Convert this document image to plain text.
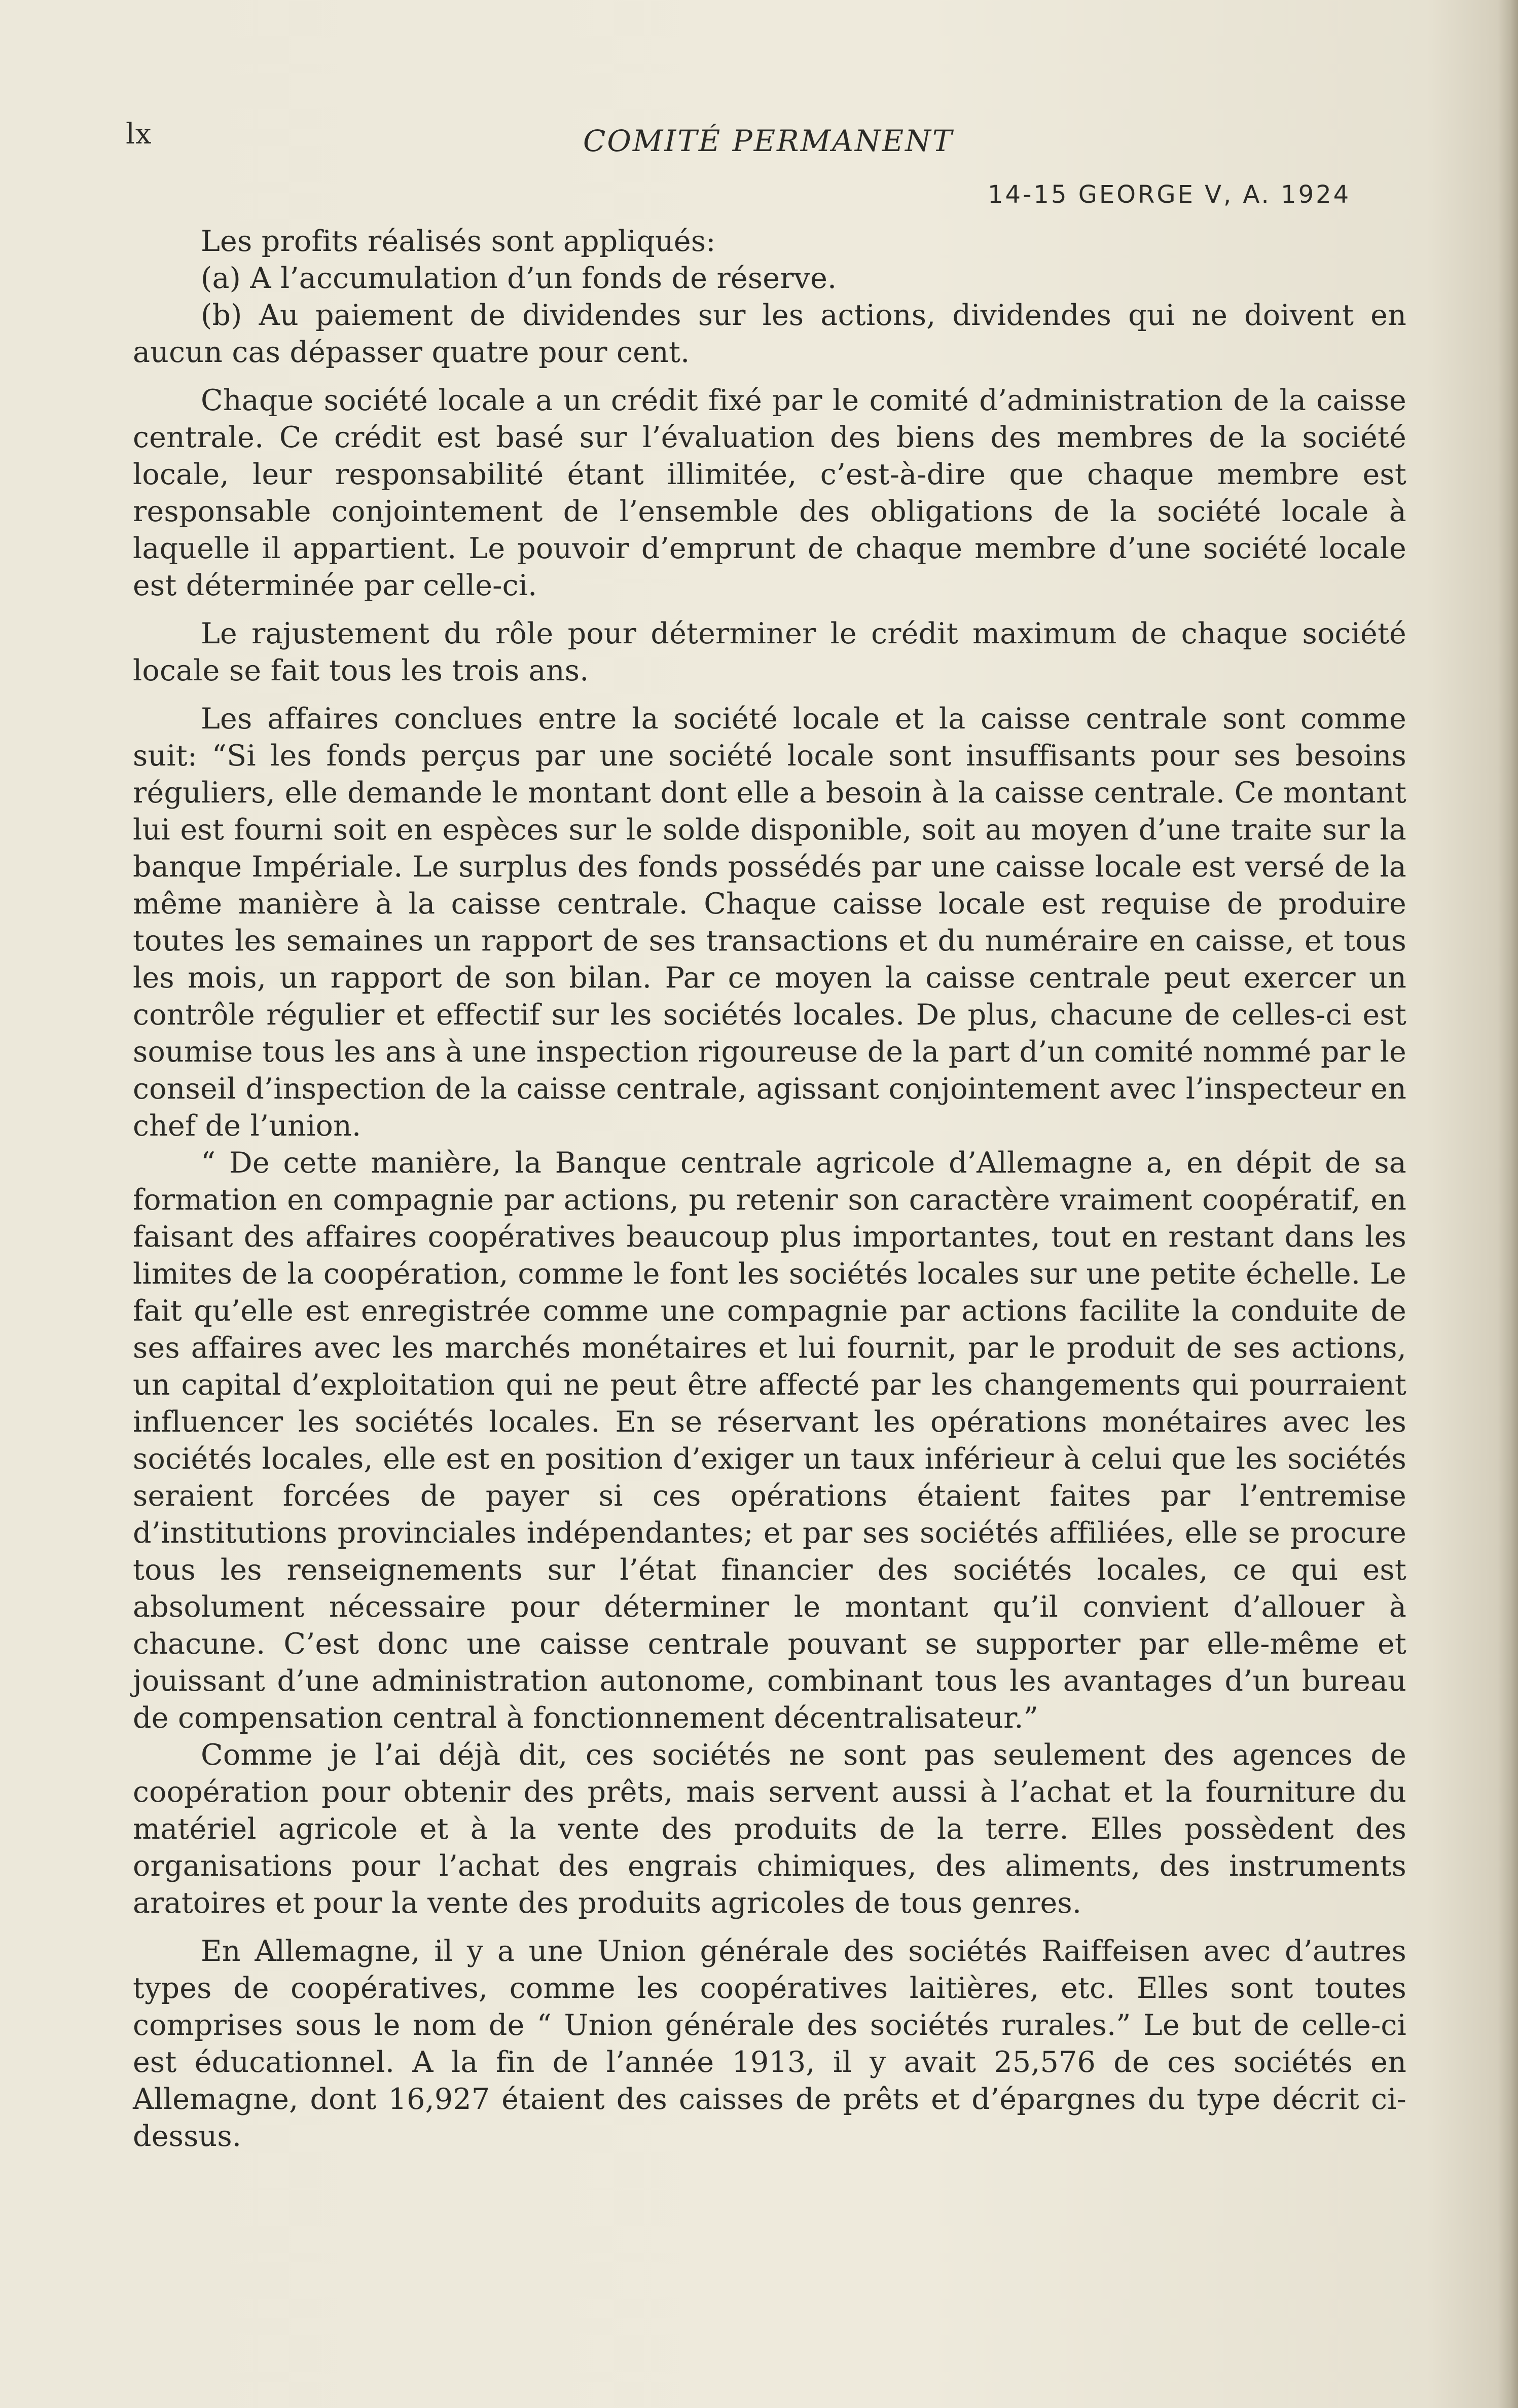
lx	COMITÉ PERMANENT
14-15 GEORGE V, A. 1924

Les profits réalisés sont appliqués:

(a) A l’accumulation d’un fonds de réserve.

(b) Au paiement de dividendes sur les actions, dividendes qui ne doivent en aucun cas dépasser quatre pour cent.

Chaque société locale a un crédit fixé par le comité d’administration de la caisse centrale. Ce crédit est basé sur l’évaluation des biens des membres de la société locale, leur responsabilité étant illimitée, c’est-à-dire que chaque membre est responsable conjointement de l’ensemble des obligations de la société locale à laquelle il appartient. Le pouvoir d’emprunt de chaque membre d’une société locale est déterminée par celle-ci.

Le rajustement du rôle pour déterminer le crédit maximum de chaque société locale se fait tous les trois ans.

Les affaires conclues entre la société locale et la caisse centrale sont comme suit: “Si les fonds perçus par une société locale sont insuffisants pour ses besoins réguliers, elle demande le montant dont elle a besoin à la caisse centrale. Ce montant lui est fourni soit en espèces sur le solde disponible, soit au moyen d’une traite sur la banque Impériale. Le surplus des fonds possédés par une caisse locale est versé de la même manière à la caisse centrale. Chaque caisse locale est requise de produire toutes les semaines un rapport de ses transactions et du numéraire en caisse, et tous les mois, un rapport de son bilan. Par ce moyen la caisse centrale peut exercer un contrôle régulier et effectif sur les sociétés locales. De plus, chacune de celles-ci est soumise tous les ans à une inspection rigoureuse de la part d’un comité nommé par le conseil d’inspection de la caisse centrale, agissant conjointement avec l’inspecteur en chef de l’union.

“ De cette manière, la Banque centrale agricole d’Allemagne a, en dépit de sa formation en compagnie par actions, pu retenir son caractère vraiment coopératif, en faisant des affaires coopératives beaucoup plus importantes, tout en restant dans les limites de la coopération, comme le font les sociétés locales sur une petite échelle. Le fait qu’elle est enregistrée comme une compagnie par actions facilite la conduite de ses affaires avec les marchés monétaires et lui fournit, par le produit de ses actions, un capital d’exploitation qui ne peut être affecté par les changements qui pourraient influencer les sociétés locales. En se réservant les opérations monétaires avec les sociétés locales, elle est en position d’exiger un taux inférieur à celui que les sociétés seraient forcées de payer si ces opérations étaient faites par l’entremise d’institutions provinciales indépendantes; et par ses sociétés affiliées, elle se procure tous les renseignements sur l’état financier des sociétés locales, ce qui est absolument nécessaire pour déterminer le montant qu’il convient d’allouer à chacune. C’est donc une caisse centrale pouvant se supporter par elle-même et jouissant d’une administration autonome, combinant tous les avantages d’un bureau de compensation central à fonctionnement décentralisateur.”

Comme je l’ai déjà dit, ces sociétés ne sont pas seulement des agences de coopération pour obtenir des prêts, mais servent aussi à l’achat et la fourniture du matériel agricole et à la vente des produits de la terre. Elles possèdent des organisations pour l’achat des engrais chimiques, des aliments, des instruments aratoires et pour la vente des produits agricoles de tous genres.

En Allemagne, il y a une Union générale des sociétés Raiffeisen avec d’autres types de coopératives, comme les coopératives laitières, etc. Elles sont toutes comprises sous le nom de “ Union générale des sociétés rurales.” Le but de celle-ci est éducationnel. A la fin de l’année 1913, il y avait 25,576 de ces sociétés en Allemagne, dont 16,927 étaient des caisses de prêts et d’épargnes du type décrit ci-dessus.
